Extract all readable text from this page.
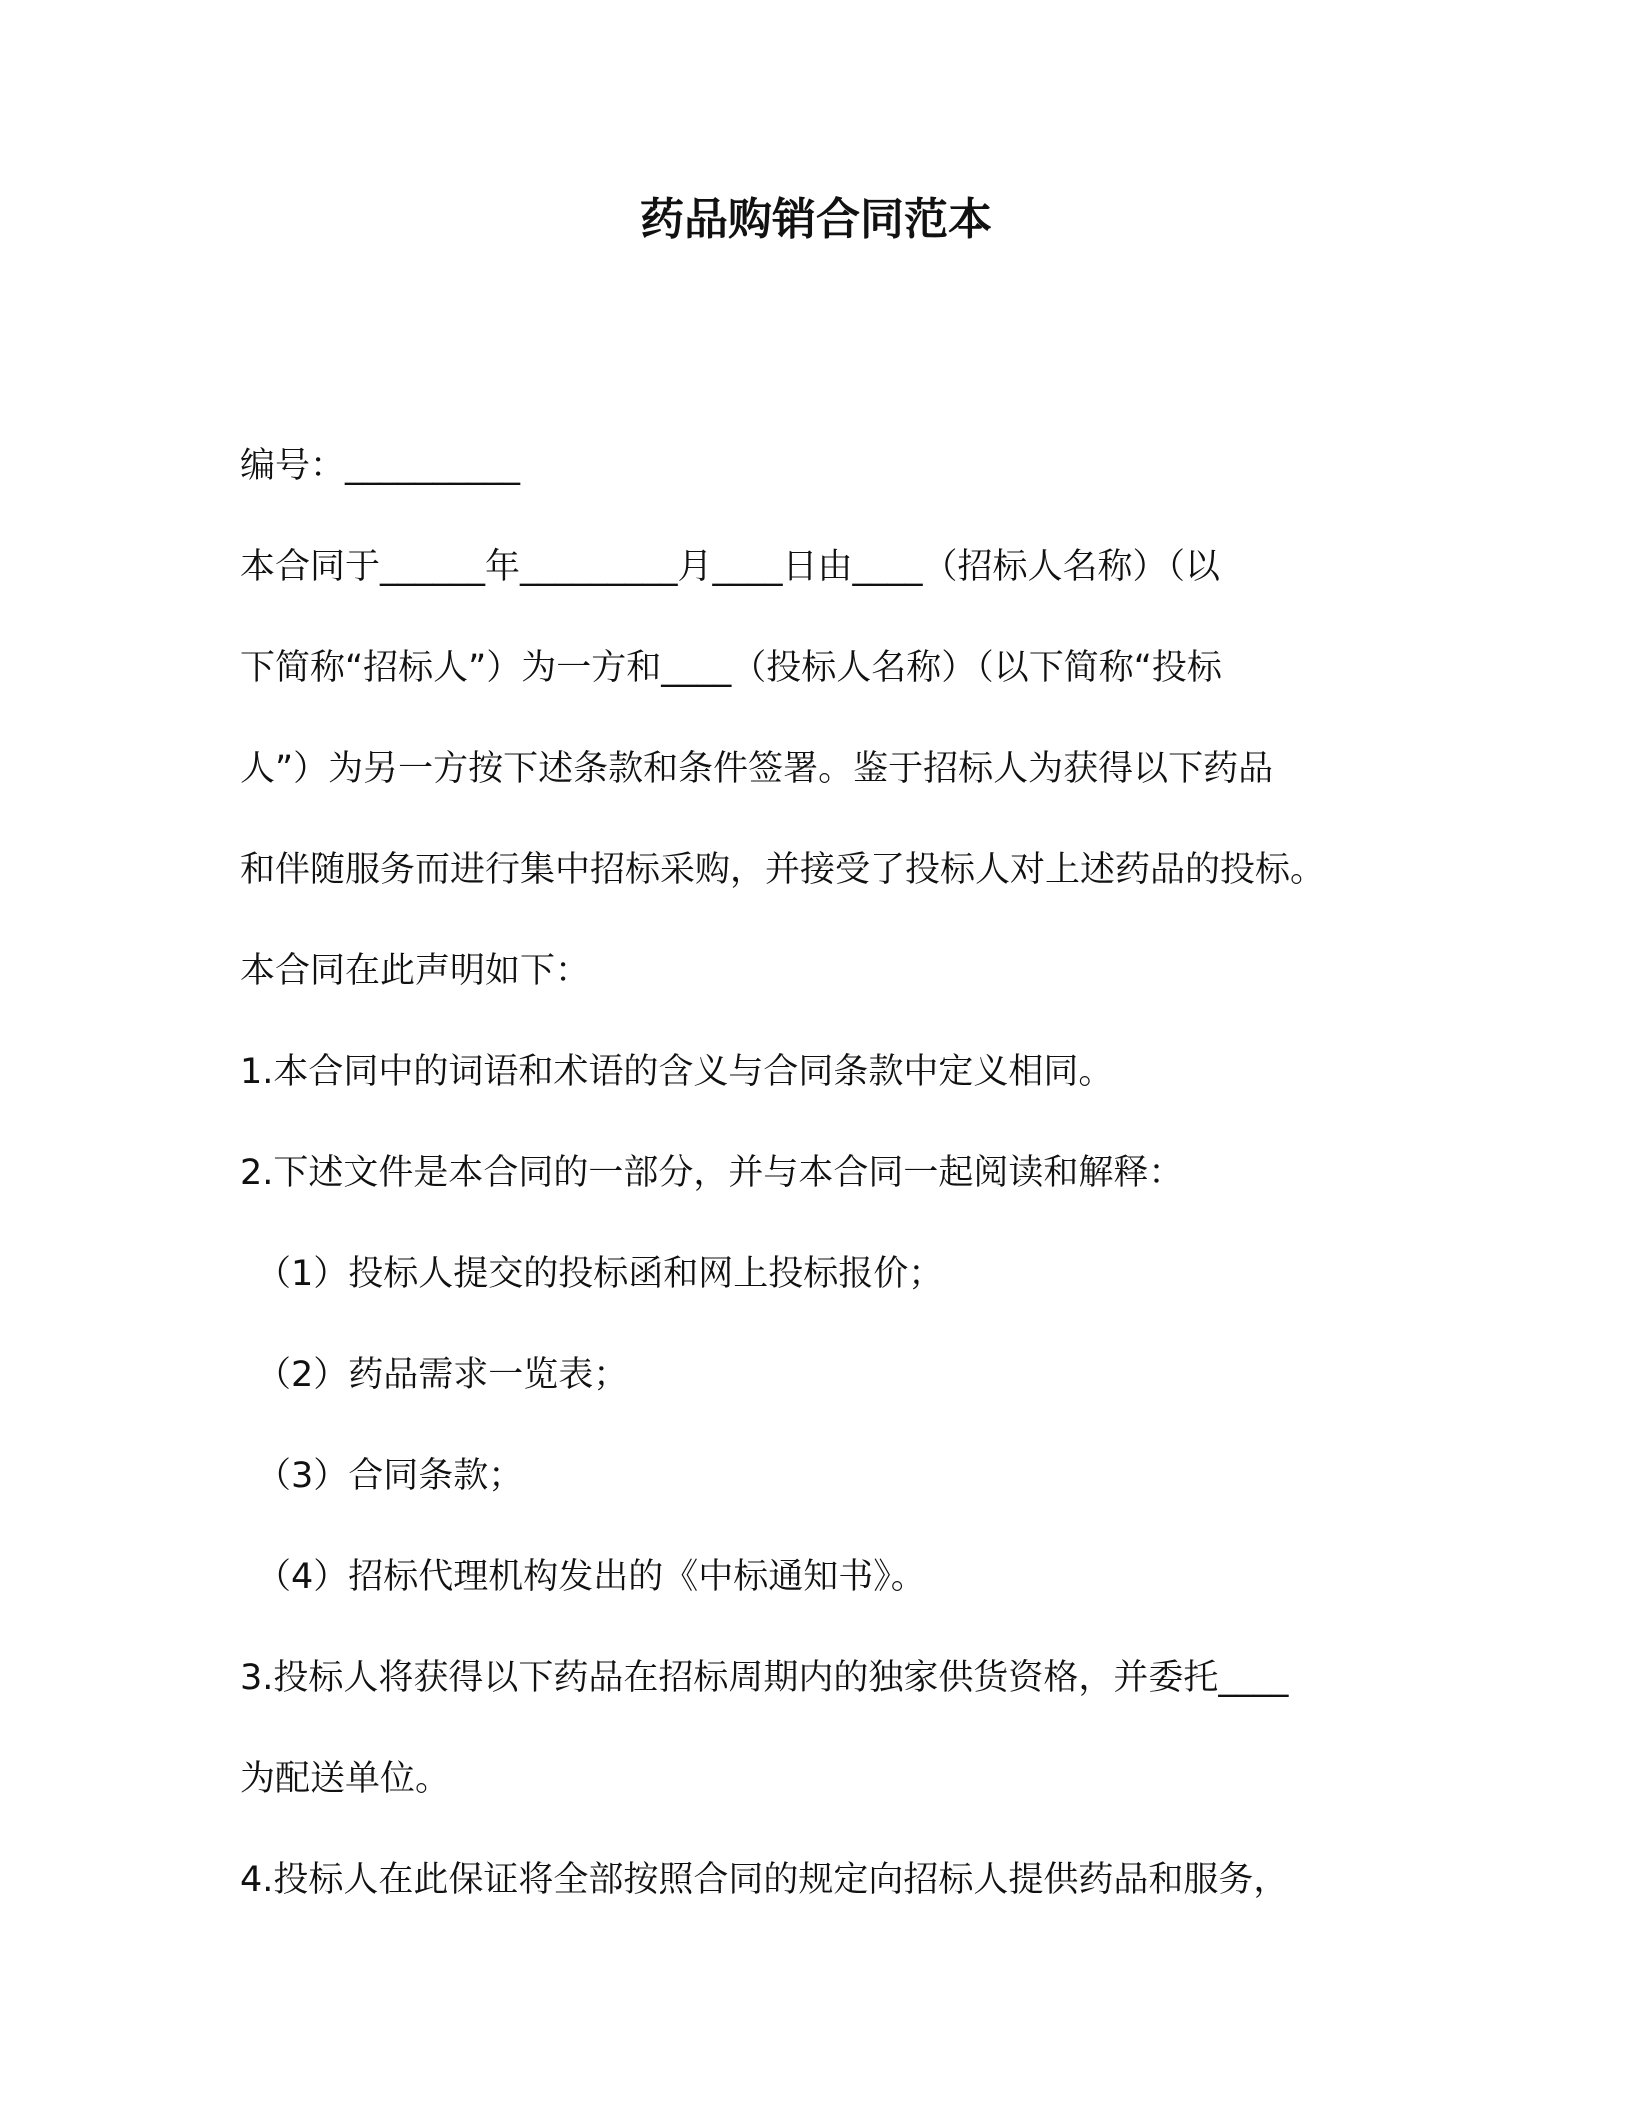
药品购销合同范本
编号：__________
本合同于______年_________月____日由____（招标人名称）（以
下简称“招标人”）为一方和____（投标人名称）（以下简称“投标
人”）为另一方按下述条款和条件签署。鉴于招标人为获得以下药品
和伴随服务而进行集中招标采购，并接受了投标人对上述药品的投标。
本合同在此声明如下：
1.本合同中的词语和术语的含义与合同条款中定义相同。
2.下述文件是本合同的一部分，并与本合同一起阅读和解释：
（1）投标人提交的投标函和网上投标报价；
（2）药品需求一览表；
（3）合同条款；
（4）招标代理机构发出的《中标通知书》。
3.投标人将获得以下药品在招标周期内的独家供货资格，并委托____
为配送单位。
4.投标人在此保证将全部按照合同的规定向招标人提供药品和服务，
